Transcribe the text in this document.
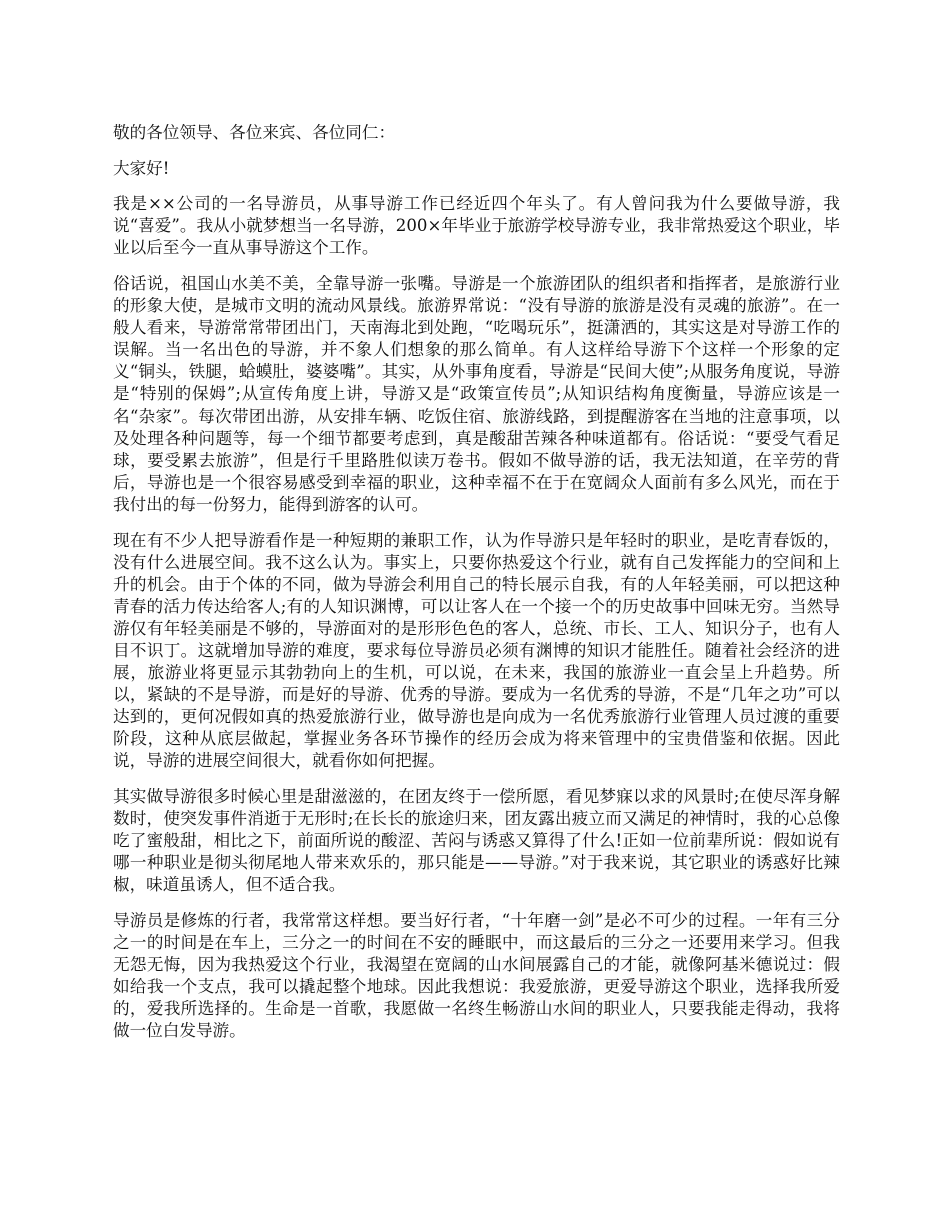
敬的各位领导、各位来宾、各位同仁：

大家好!

我是××公司的一名导游员，从事导游工作已经近四个年头了。有人曾问我为什么要做导游，我说“喜爱”。我从小就梦想当一名导游，200×年毕业于旅游学校导游专业，我非常热爱这个职业，毕业以后至今一直从事导游这个工作。

俗话说，祖国山水美不美，全靠导游一张嘴。导游是一个旅游团队的组织者和指挥者，是旅游行业的形象大使，是城市文明的流动风景线。旅游界常说：“没有导游的旅游是没有灵魂的旅游”。在一般人看来，导游常常带团出门，天南海北到处跑，“吃喝玩乐”，挺潇洒的，其实这是对导游工作的误解。当一名出色的导游，并不象人们想象的那么简单。有人这样给导游下个这样一个形象的定义“铜头，铁腿，蛤蟆肚，婆婆嘴”。其实，从外事角度看，导游是“民间大使”;从服务角度说，导游是“特别的保姆”;从宣传角度上讲，导游又是“政策宣传员”;从知识结构角度衡量，导游应该是一名“杂家”。每次带团出游，从安排车辆、吃饭住宿、旅游线路，到提醒游客在当地的注意事项，以及处理各种问题等，每一个细节都要考虑到，真是酸甜苦辣各种味道都有。俗话说：“要受气看足球，要受累去旅游”，但是行千里路胜似读万卷书。假如不做导游的话，我无法知道，在辛劳的背后，导游也是一个很容易感受到幸福的职业，这种幸福不在于在宽阔众人面前有多么风光，而在于我付出的每一份努力，能得到游客的认可。

现在有不少人把导游看作是一种短期的兼职工作，认为作导游只是年轻时的职业，是吃青春饭的，没有什么进展空间。我不这么认为。事实上，只要你热爱这个行业，就有自己发挥能力的空间和上升的机会。由于个体的不同，做为导游会利用自己的特长展示自我，有的人年轻美丽，可以把这种青春的活力传达给客人;有的人知识渊博，可以让客人在一个接一个的历史故事中回味无穷。当然导游仅有年轻美丽是不够的，导游面对的是形形色色的客人，总统、市长、工人、知识分子，也有人目不识丁。这就增加导游的难度，要求每位导游员必须有渊博的知识才能胜任。随着社会经济的进展，旅游业将更显示其勃勃向上的生机，可以说，在未来，我国的旅游业一直会呈上升趋势。所以，紧缺的不是导游，而是好的导游、优秀的导游。要成为一名优秀的导游，不是“几年之功”可以达到的，更何况假如真的热爱旅游行业，做导游也是向成为一名优秀旅游行业管理人员过渡的重要阶段，这种从底层做起，掌握业务各环节操作的经历会成为将来管理中的宝贵借鉴和依据。因此说，导游的进展空间很大，就看你如何把握。

其实做导游很多时候心里是甜滋滋的，在团友终于一偿所愿，看见梦寐以求的风景时;在使尽浑身解数时，使突发事件消逝于无形时;在长长的旅途归来，团友露出疲立而又满足的神情时，我的心总像吃了蜜般甜，相比之下，前面所说的酸涩、苦闷与诱惑又算得了什么!正如一位前辈所说：假如说有哪一种职业是彻头彻尾地人带来欢乐的，那只能是——导游。”对于我来说，其它职业的诱惑好比辣椒，味道虽诱人，但不适合我。

导游员是修炼的行者，我常常这样想。要当好行者，“十年磨一剑”是必不可少的过程。一年有三分之一的时间是在车上，三分之一的时间在不安的睡眠中，而这最后的三分之一还要用来学习。但我无怨无悔，因为我热爱这个行业，我渴望在宽阔的山水间展露自己的才能，就像阿基米德说过：假如给我一个支点，我可以撬起整个地球。因此我想说：我爱旅游，更爱导游这个职业，选择我所爱的，爱我所选择的。生命是一首歌，我愿做一名终生畅游山水间的职业人，只要我能走得动，我将做一位白发导游。
